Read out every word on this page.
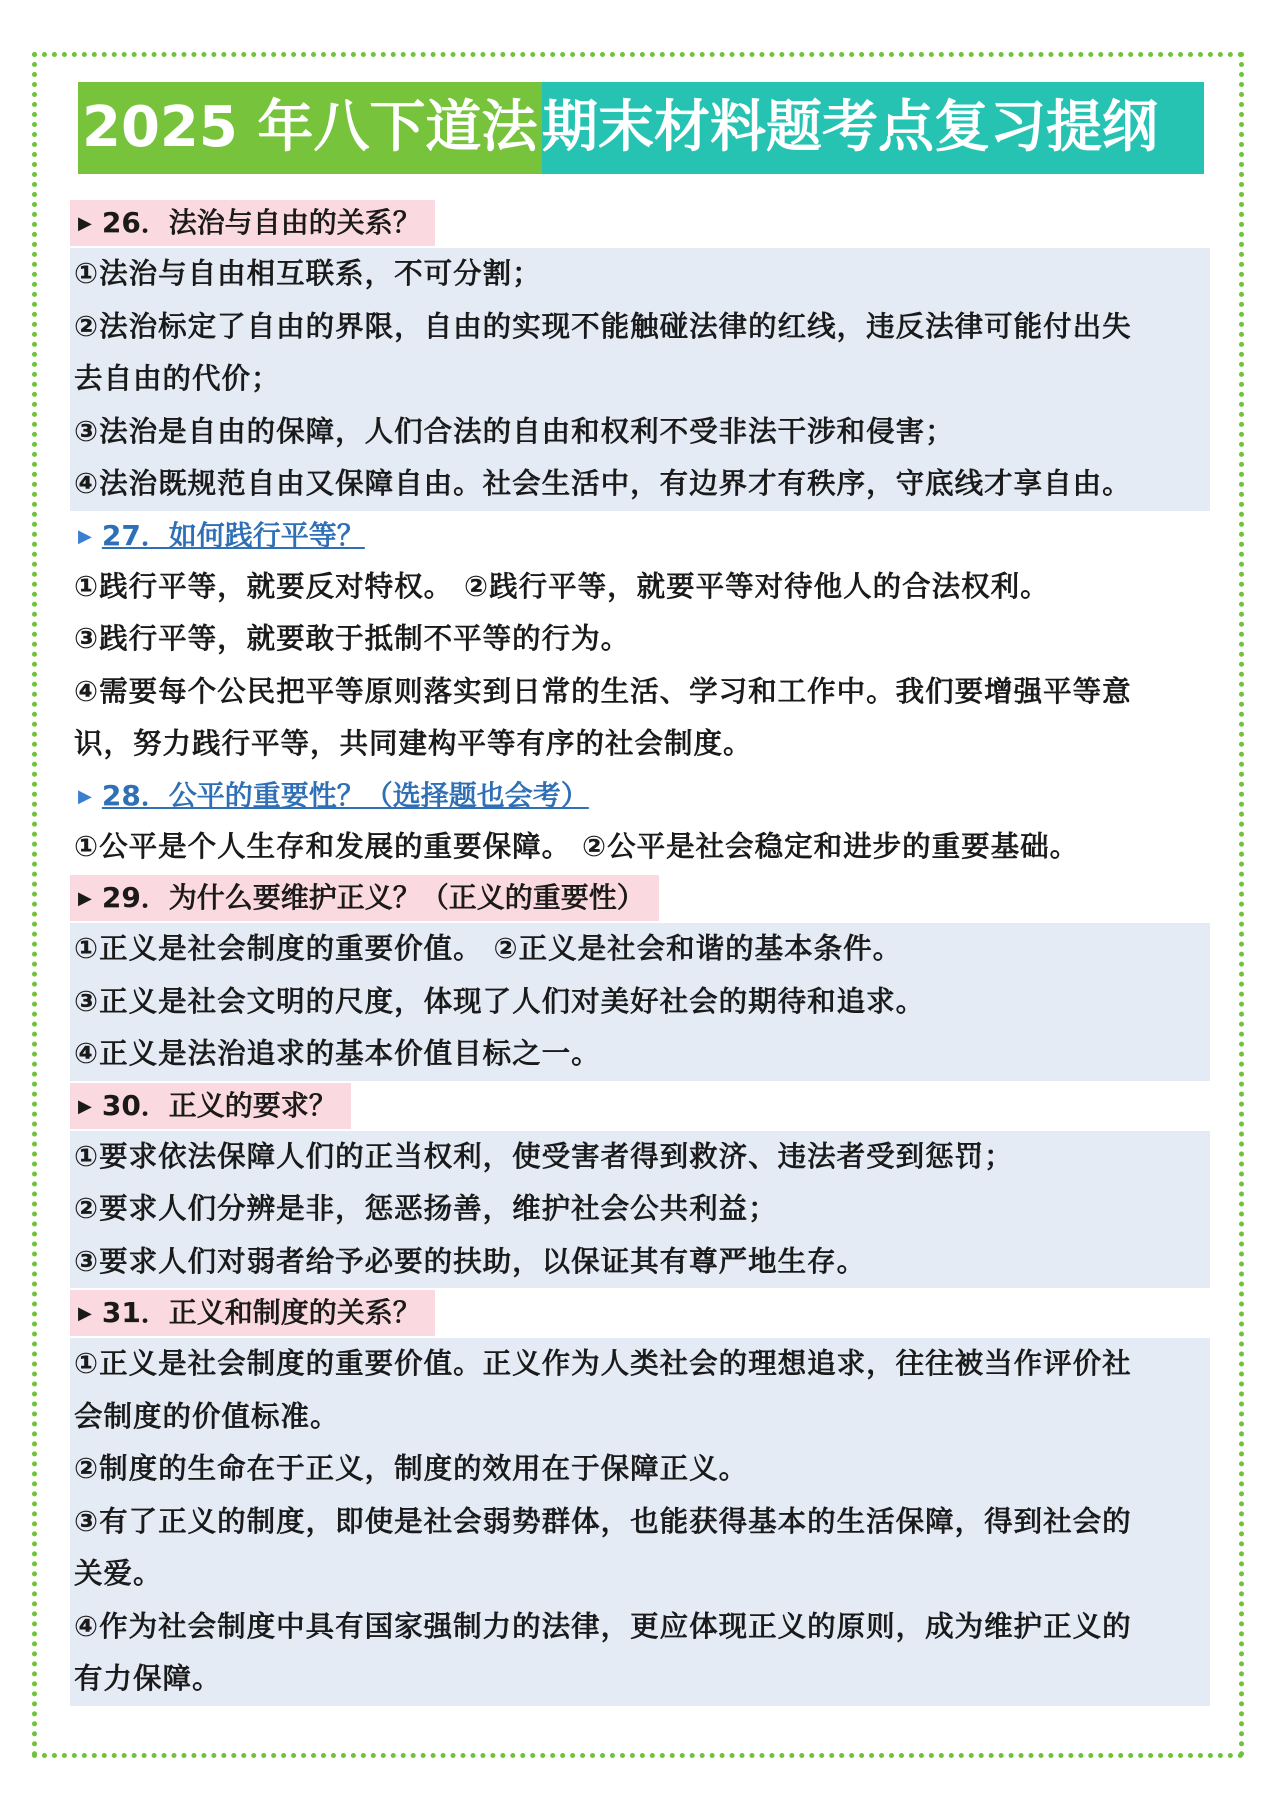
2025 年八下道法 期末材料题考点复习提纲
▶ 26．法治与自由的关系？
①法治与自由相互联系，不可分割；
②法治标定了自由的界限，自由的实现不能触碰法律的红线，违反法律可能付出失
去自由的代价；
③法治是自由的保障，人们合法的自由和权利不受非法干涉和侵害；
④法治既规范自由又保障自由。社会生活中，有边界才有秩序，守底线才享自由。
▶ 27．如何践行平等？
①践行平等，就要反对特权。 ②践行平等，就要平等对待他人的合法权利。
③践行平等，就要敢于抵制不平等的行为。
④需要每个公民把平等原则落实到日常的生活、学习和工作中。我们要增强平等意
识，努力践行平等，共同建构平等有序的社会制度。
▶ 28．公平的重要性？（选择题也会考）
①公平是个人生存和发展的重要保障。 ②公平是社会稳定和进步的重要基础。
▶ 29．为什么要维护正义？（正义的重要性）
①正义是社会制度的重要价值。 ②正义是社会和谐的基本条件。
③正义是社会文明的尺度，体现了人们对美好社会的期待和追求。
④正义是法治追求的基本价值目标之一。
▶ 30．正义的要求？
①要求依法保障人们的正当权利，使受害者得到救济、违法者受到惩罚；
②要求人们分辨是非，惩恶扬善，维护社会公共利益；
③要求人们对弱者给予必要的扶助，以保证其有尊严地生存。
▶ 31．正义和制度的关系？
①正义是社会制度的重要价值。正义作为人类社会的理想追求，往往被当作评价社
会制度的价值标准。
②制度的生命在于正义，制度的效用在于保障正义。
③有了正义的制度，即使是社会弱势群体，也能获得基本的生活保障，得到社会的
关爱。
④作为社会制度中具有国家强制力的法律，更应体现正义的原则，成为维护正义的
有力保障。
